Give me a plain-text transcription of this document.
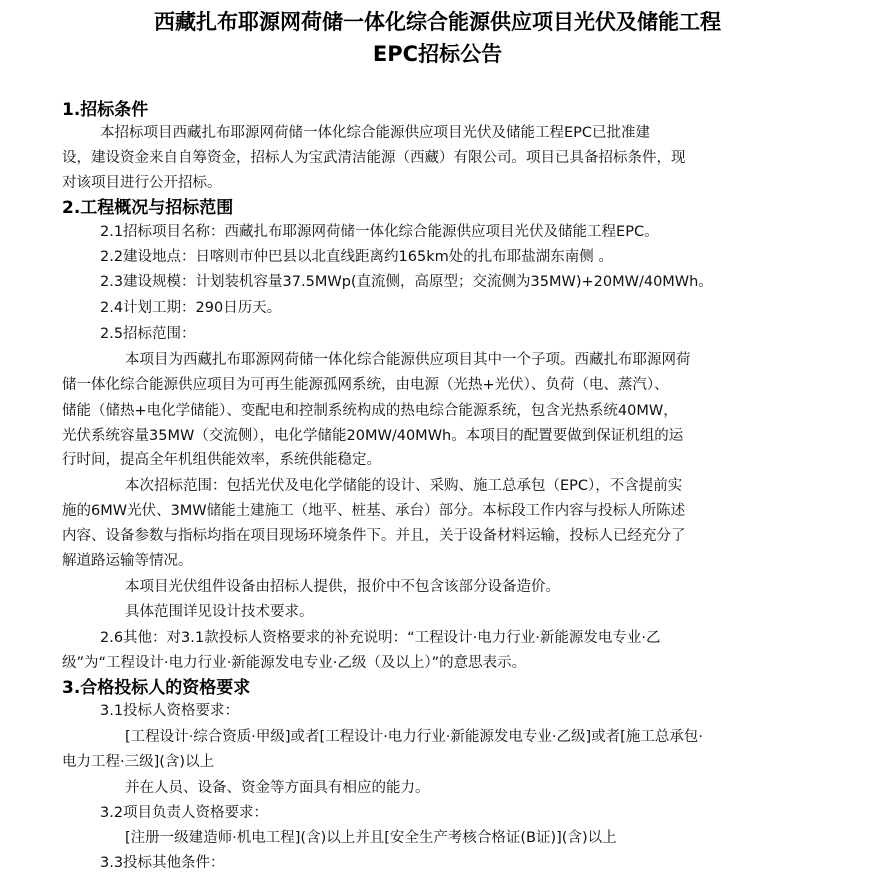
西藏扎布耶源网荷储一体化综合能源供应项目光伏及储能工程
EPC招标公告
1.招标条件
本招标项目西藏扎布耶源网荷储一体化综合能源供应项目光伏及储能工程EPC已批准建
设，建设资金来自自筹资金，招标人为宝武清洁能源（西藏）有限公司。项目已具备招标条件，现
对该项目进行公开招标。
2.工程概况与招标范围
2.1招标项目名称：西藏扎布耶源网荷储一体化综合能源供应项目光伏及储能工程EPC。
2.2建设地点：日喀则市仲巴县以北直线距离约165km处的扎布耶盐湖东南侧 。
2.3建设规模：计划装机容量37.5MWp(直流侧，高原型；交流侧为35MW)+20MW/40MWh。
2.4计划工期：290日历天。
2.5招标范围：
本项目为西藏扎布耶源网荷储一体化综合能源供应项目其中一个子项。西藏扎布耶源网荷
储一体化综合能源供应项目为可再生能源孤网系统，由电源（光热+光伏）、负荷（电、蒸汽）、
储能（储热+电化学储能）、变配电和控制系统构成的热电综合能源系统，包含光热系统40MW，
光伏系统容量35MW（交流侧），电化学储能20MW/40MWh。本项目的配置要做到保证机组的运
行时间，提高全年机组供能效率，系统供能稳定。
本次招标范围：包括光伏及电化学储能的设计、采购、施工总承包（EPC），不含提前实
施的6MW光伏、3MW储能土建施工（地平、桩基、承台）部分。本标段工作内容与投标人所陈述
内容、设备参数与指标均指在项目现场环境条件下。并且，关于设备材料运输，投标人已经充分了
解道路运输等情况。
本项目光伏组件设备由招标人提供，报价中不包含该部分设备造价。
具体范围详见设计技术要求。
2.6其他：对3.1款投标人资格要求的补充说明：“工程设计·电力行业·新能源发电专业·乙
级”为“工程设计·电力行业·新能源发电专业·乙级（及以上）”的意思表示。
3.合格投标人的资格要求
3.1投标人资格要求：
[工程设计·综合资质·甲级]或者[工程设计·电力行业·新能源发电专业·乙级]或者[施工总承包·
电力工程·三级](含)以上
并在人员、设备、资金等方面具有相应的能力。
3.2项目负责人资格要求：
[注册一级建造师·机电工程](含)以上并且[安全生产考核合格证(B证)](含)以上
3.3投标其他条件：
